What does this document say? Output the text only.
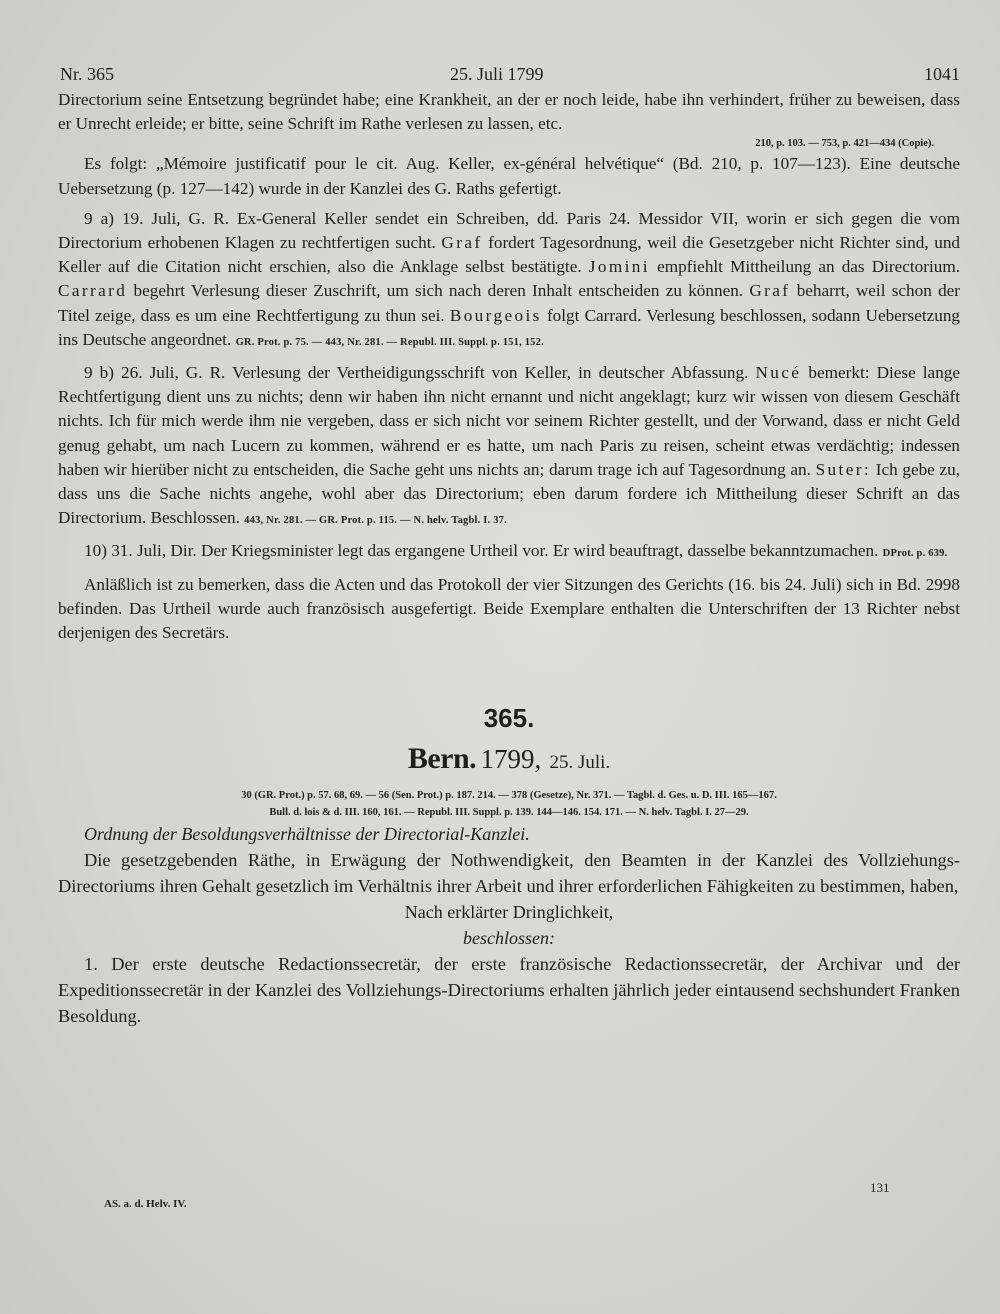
Nr. 365	25. Juli 1799	1041

Directorium seine Entsetzung begründet habe; eine Krankheit, an der er noch leide, habe ihn verhindert, früher zu beweisen, dass er Unrecht erleide; er bitte, seine Schrift im Rathe verlesen zu lassen, etc.

210, p. 103. — 753, p. 421—434 (Copie).

Es folgt: „Mémoire justificatif pour le cit. Aug. Keller, ex-général helvétique“ (Bd. 210, p. 107—123). Eine deutsche Uebersetzung (p. 127—142) wurde in der Kanzlei des G. Raths gefertigt.

9 a) 19. Juli, G. R. Ex-General Keller sendet ein Schreiben, dd. Paris 24. Messidor VII, worin er sich gegen die vom Directorium erhobenen Klagen zu rechtfertigen sucht. Graf fordert Tagesordnung, weil die Gesetzgeber nicht Richter sind, und Keller auf die Citation nicht erschien, also die Anklage selbst bestätigte. Jomini empfiehlt Mittheilung an das Directorium. Carrard begehrt Verlesung dieser Zuschrift, um sich nach deren Inhalt entscheiden zu können. Graf beharrt, weil schon der Titel zeige, dass es um eine Rechtfertigung zu thun sei. Bourgeois folgt Carrard. Verlesung beschlossen, sodann Uebersetzung ins Deutsche angeordnet. GR. Prot. p. 75. — 443, Nr. 281. — Republ. III. Suppl. p. 151, 152.

9 b) 26. Juli, G. R. Verlesung der Vertheidigungsschrift von Keller, in deutscher Abfassung. Nucé bemerkt: Diese lange Rechtfertigung dient uns zu nichts; denn wir haben ihn nicht ernannt und nicht angeklagt; kurz wir wissen von diesem Geschäft nichts. Ich für mich werde ihm nie vergeben, dass er sich nicht vor seinem Richter gestellt, und der Vorwand, dass er nicht Geld genug gehabt, um nach Lucern zu kommen, während er es hatte, um nach Paris zu reisen, scheint etwas verdächtig; indessen haben wir hierüber nicht zu entscheiden, die Sache geht uns nichts an; darum trage ich auf Tagesordnung an. Suter: Ich gebe zu, dass uns die Sache nichts angehe, wohl aber das Directorium; eben darum fordere ich Mittheilung dieser Schrift an das Directorium. Beschlossen. 443, Nr. 281. — GR. Prot. p. 115. — N. helv. Tagbl. I. 37.

10) 31. Juli, Dir. Der Kriegsminister legt das ergangene Urtheil vor. Er wird beauftragt, dasselbe bekanntzumachen. DProt. p. 639.

Anläßlich ist zu bemerken, dass die Acten und das Protokoll der vier Sitzungen des Gerichts (16. bis 24. Juli) sich in Bd. 2998 befinden. Das Urtheil wurde auch französisch ausgefertigt. Beide Exemplare enthalten die Unterschriften der 13 Richter nebst derjenigen des Secretärs.

365.
Bern. 1799, 25. Juli.
30 (GR. Prot.) p. 57. 68, 69. — 56 (Sen. Prot.) p. 187. 214. — 378 (Gesetze), Nr. 371. — Tagbl. d. Ges. u. D. III. 165—167.
Bull. d. lois & d. III. 160, 161. — Republ. III. Suppl. p. 139. 144—146. 154. 171. — N. helv. Tagbl. I. 27—29.

Ordnung der Besoldungsverhältnisse der Directorial-Kanzlei.

Die gesetzgebenden Räthe, in Erwägung der Nothwendigkeit, den Beamten in der Kanzlei des Vollziehungs-Directoriums ihren Gehalt gesetzlich im Verhältnis ihrer Arbeit und ihrer erforderlichen Fähigkeiten zu bestimmen, haben,

Nach erklärter Dringlichkeit,

beschlossen:

1. Der erste deutsche Redactionssecretär, der erste französische Redactionssecretär, der Archivar und der Expeditionssecretär in der Kanzlei des Vollziehungs-Directoriums erhalten jährlich jeder eintausend sechshundert Franken Besoldung.

AS. a. d. Helv. IV.
131
